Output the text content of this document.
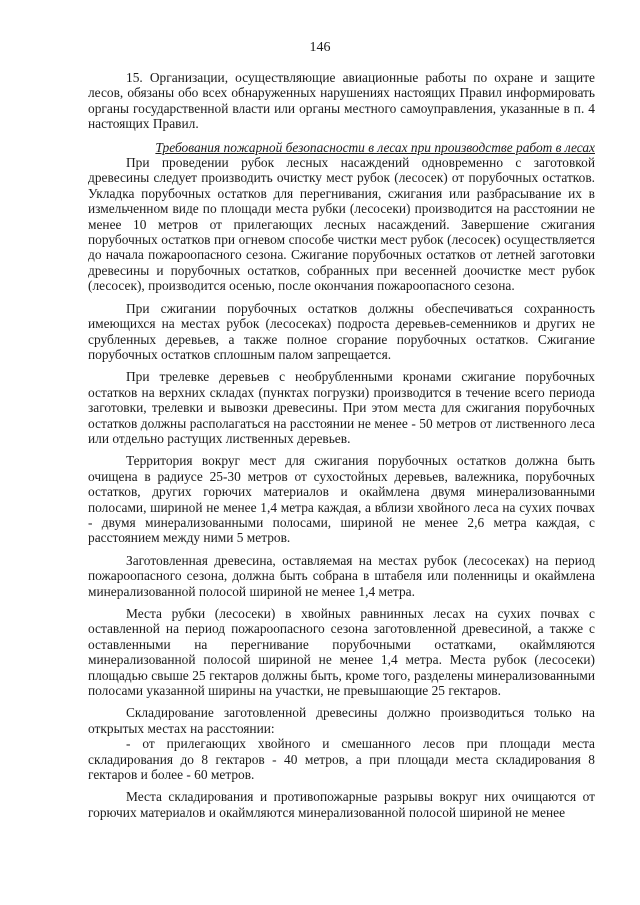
146

15. Организации, осуществляющие авиационные работы по охране и защите лесов, обязаны обо всех обнаруженных нарушениях настоящих Правил информировать органы государственной власти или органы местного самоуправления, указанные в п. 4 настоящих Правил.

Требования пожарной безопасности в лесах при производстве работ в лесах

При проведении рубок лесных насаждений одновременно с заготовкой древесины следует производить очистку мест рубок (лесосек) от порубочных остатков. Укладка порубочных остатков для перегнивания, сжигания или разбрасывание их в измельченном виде по площади места рубки (лесосеки) производится на расстоянии не менее 10 метров от прилегающих лесных насаждений. Завершение сжигания порубочных остатков при огневом способе чистки мест рубок (лесосек) осуществляется до начала пожароопасного сезона. Сжигание порубочных остатков от летней заготовки древесины и порубочных остатков, собранных при весенней доочистке мест рубок (лесосек), производится осенью, после окончания пожароопасного сезона.

При сжигании порубочных остатков должны обеспечиваться сохранность имеющихся на местах рубок (лесосеках) подроста деревьев-семенников и других не срубленных деревьев, а также полное сгорание порубочных остатков. Сжигание порубочных остатков сплошным палом запрещается.

При трелевке деревьев с необрубленными кронами сжигание порубочных остатков на верхних складах (пунктах погрузки) производится в течение всего периода заготовки, трелевки и вывозки древесины. При этом места для сжигания порубочных остатков должны располагаться на расстоянии не менее - 50 метров от лиственного леса или отдельно растущих лиственных деревьев.

Территория вокруг мест для сжигания порубочных остатков должна быть очищена в радиусе 25-30 метров от сухостойных деревьев, валежника, порубочных остатков, других горючих материалов и окаймлена двумя минерализованными полосами, шириной не менее 1,4 метра каждая, а вблизи хвойного леса на сухих почвах - двумя минерализованными полосами, шириной не менее 2,6 метра каждая, с расстоянием между ними 5 метров.

Заготовленная древесина, оставляемая на местах рубок (лесосеках) на период пожароопасного сезона, должна быть собрана в штабеля или поленницы и окаймлена минерализованной полосой шириной не менее 1,4 метра.

Места рубки (лесосеки) в хвойных равнинных лесах на сухих почвах с оставленной на период пожароопасного сезона заготовленной древесиной, а также с оставленными на перегнивание порубочными остатками, окаймляются минерализованной полосой шириной не менее 1,4 метра. Места рубок (лесосеки) площадью свыше 25 гектаров должны быть, кроме того, разделены минерализованными полосами указанной ширины на участки, не превышающие 25 гектаров.

Складирование заготовленной древесины должно производиться только на открытых местах на расстоянии:

- от прилегающих хвойного и смешанного лесов при площади места складирования до 8 гектаров - 40 метров, а при площади места складирования 8 гектаров и более - 60 метров.

Места складирования и противопожарные разрывы вокруг них очищаются от горючих материалов и окаймляются минерализованной полосой шириной не менее
